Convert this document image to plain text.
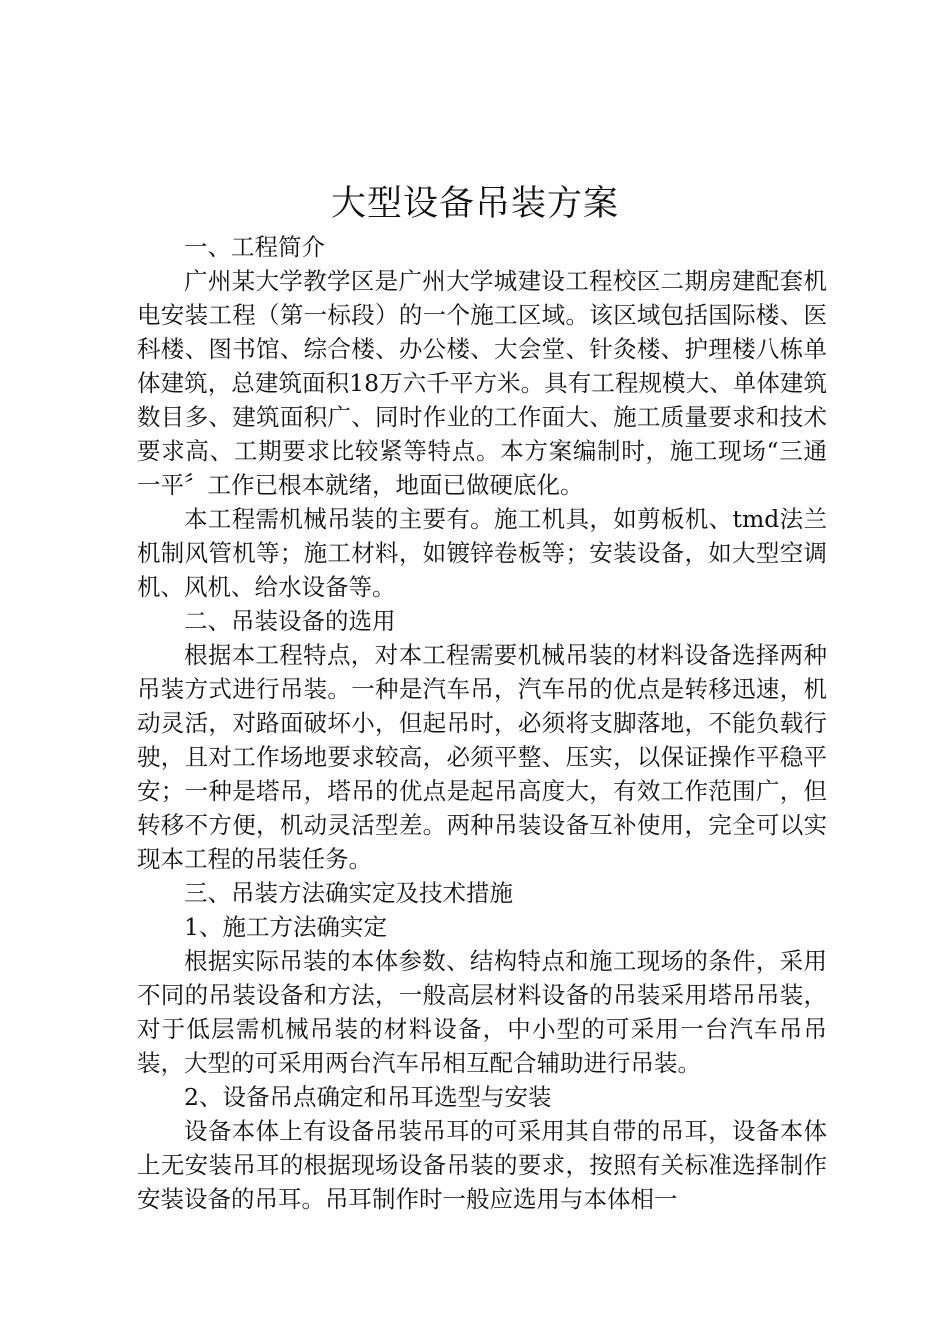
大型设备吊装方案

一、工程简介

广州某大学教学区是广州大学城建设工程校区二期房建配套机电安装工程（第一标段）的一个施工区域。该区域包括国际楼、医科楼、图书馆、综合楼、办公楼、大会堂、针灸楼、护理楼八栋单体建筑，总建筑面积18万六千平方米。具有工程规模大、单体建筑数目多、建筑面积广、同时作业的工作面大、施工质量要求和技术要求高、工期要求比较紧等特点。本方案编制时，施工现场“三通一平〞工作已根本就绪，地面已做硬底化。

本工程需机械吊装的主要有。施工机具，如剪板机、tmd法兰机制风管机等；施工材料，如镀锌卷板等；安装设备，如大型空调机、风机、给水设备等。

二、吊装设备的选用

根据本工程特点，对本工程需要机械吊装的材料设备选择两种吊装方式进行吊装。一种是汽车吊，汽车吊的优点是转移迅速，机动灵活，对路面破坏小，但起吊时，必须将支脚落地，不能负载行驶，且对工作场地要求较高，必须平整、压实，以保证操作平稳平安；一种是塔吊，塔吊的优点是起吊高度大，有效工作范围广，但转移不方便，机动灵活型差。两种吊装设备互补使用，完全可以实现本工程的吊装任务。

三、吊装方法确实定及技术措施

1、施工方法确实定

根据实际吊装的本体参数、结构特点和施工现场的条件，采用不同的吊装设备和方法，一般高层材料设备的吊装采用塔吊吊装，对于低层需机械吊装的材料设备，中小型的可采用一台汽车吊吊装，大型的可采用两台汽车吊相互配合辅助进行吊装。

2、设备吊点确定和吊耳选型与安装

设备本体上有设备吊装吊耳的可采用其自带的吊耳，设备本体上无安装吊耳的根据现场设备吊装的要求，按照有关标准选择制作安装设备的吊耳。吊耳制作时一般应选用与本体相一
